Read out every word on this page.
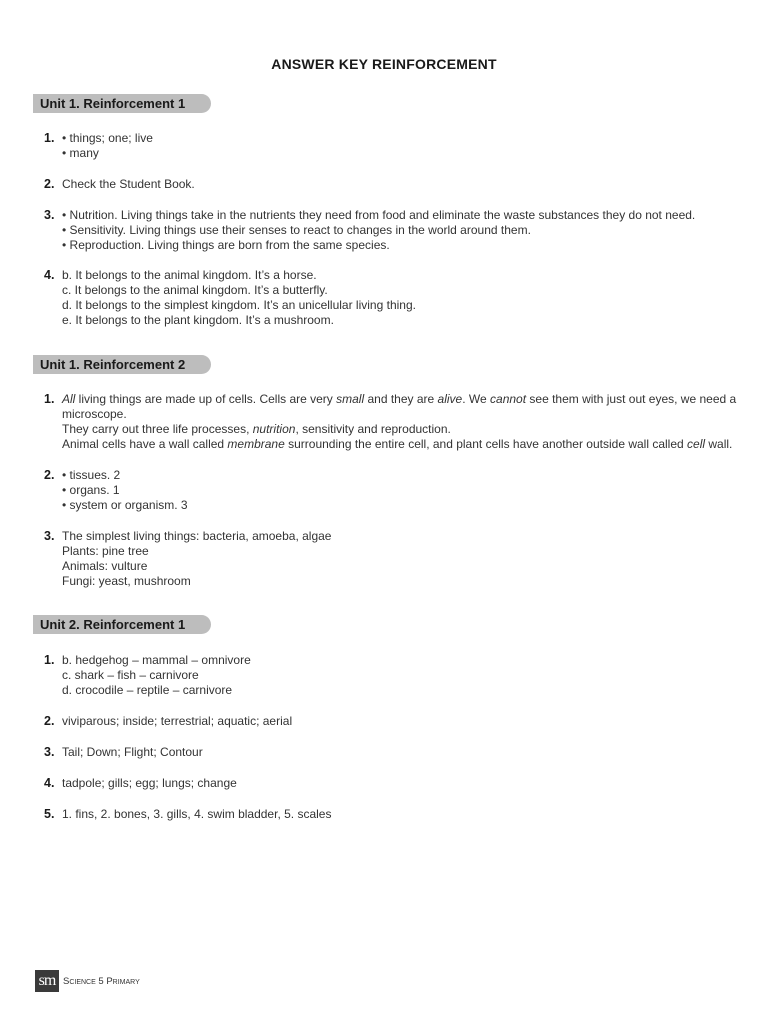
ANSWER KEY REINFORCEMENT
Unit 1. Reinforcement 1
1. • things; one; live
• many
2. Check the Student Book.
3. • Nutrition. Living things take in the nutrients they need from food and eliminate the waste substances they do not need.
• Sensitivity. Living things use their senses to react to changes in the world around them.
• Reproduction. Living things are born from the same species.
4. b. It belongs to the animal kingdom. It’s a horse.
c. It belongs to the animal kingdom. It’s a butterfly.
d. It belongs to the simplest kingdom. It’s an unicellular living thing.
e. It belongs to the plant kingdom. It’s a mushroom.
Unit 1. Reinforcement 2
1. All living things are made up of cells. Cells are very small and they are alive. We cannot see them with just out eyes, we need a microscope.
They carry out three life processes, nutrition, sensitivity and reproduction.
Animal cells have a wall called membrane surrounding the entire cell, and plant cells have another outside wall called cell wall.
2. • tissues. 2
• organs. 1
• system or organism. 3
3. The simplest living things: bacteria, amoeba, algae
Plants: pine tree
Animals: vulture
Fungi: yeast, mushroom
Unit 2. Reinforcement 1
1. b. hedgehog – mammal – omnivore
c. shark – fish – carnivore
d. crocodile – reptile – carnivore
2. viviparous; inside; terrestrial; aquatic; aerial
3. Tail; Down; Flight; Contour
4. tadpole; gills; egg; lungs; change
5. 1. fins, 2. bones, 3. gills, 4. swim bladder, 5. scales
sm Science 5 Primary
